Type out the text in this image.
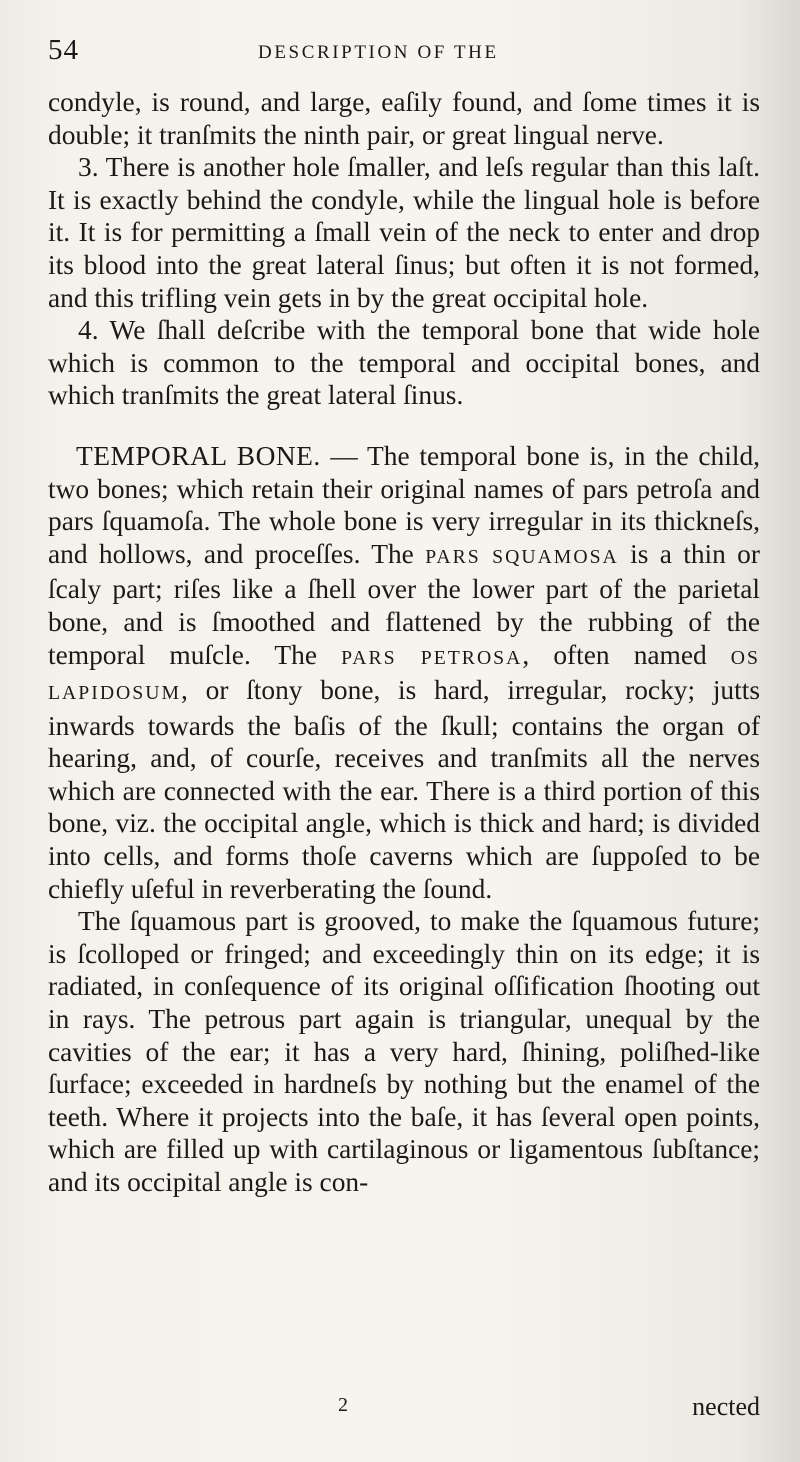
54	DESCRIPTION OF THE

condyle, is round, and large, eaſily found, and ſome times it is double; it tranſmits the ninth pair, or great lingual nerve.

3. There is another hole ſmaller, and leſs regular than this laſt. It is exactly behind the condyle, while the lingual hole is before it. It is for permitting a ſmall vein of the neck to enter and drop its blood into the great lateral ſinus; but often it is not formed, and this trifling vein gets in by the great occipital hole.

4. We ſhall deſcribe with the temporal bone that wide hole which is common to the temporal and occipital bones, and which tranſmits the great lateral ſinus.

TEMPORAL BONE. — The temporal bone is, in the child, two bones; which retain their original names of pars petroſa and pars ſquamoſa. The whole bone is very irregular in its thickneſs, and hollows, and proceſſes. The PARS SQUAMOSA is a thin or ſcaly part; riſes like a ſhell over the lower part of the parietal bone, and is ſmoothed and flattened by the rubbing of the temporal muſcle. The PARS PETROSA, often named OS LAPIDOSUM, or ſtony bone, is hard, irregular, rocky; jutts inwards towards the baſis of the ſkull; contains the organ of hearing, and, of courſe, receives and tranſmits all the nerves which are connected with the ear. There is a third portion of this bone, viz. the occipital angle, which is thick and hard; is divided into cells, and forms thoſe caverns which are ſuppoſed to be chiefly uſeful in reverberating the ſound.

The ſquamous part is grooved, to make the ſquamous future; is ſcolloped or fringed; and exceedingly thin on its edge; it is radiated, in conſequence of its original oſſification ſhooting out in rays. The petrous part again is triangular, unequal by the cavities of the ear; it has a very hard, ſhining, poliſhed-like ſurface; exceeded in hardneſs by nothing but the enamel of the teeth. Where it projects into the baſe, it has ſeveral open points, which are filled up with cartilaginous or ligamentous ſubſtance; and its occipital angle is con-

2	nected
